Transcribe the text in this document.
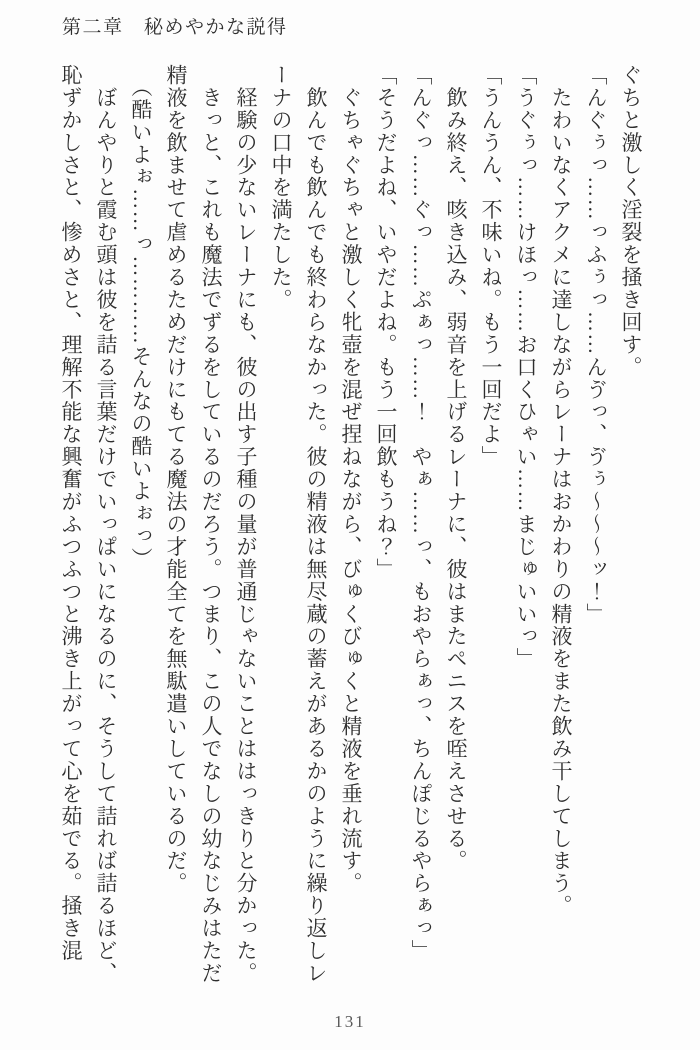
第二章　秘めやかな説得

ぐちと激しく淫裂を掻き回す。

「んぐぅっ……っふぅっ……んゔっ、ゔぅ～～～ッ！」

　たわいなくアクメに達しながらレーナはおかわりの精液をまた飲み干してしまう。

「うぐぅっ……けほっ……お口くひゃい……まじゅいいっ」

「うんうん、不味いね。もう一回だよ」

　飲み終え、咳き込み、弱音を上げるレーナに、彼はまたペニスを咥えさせる。

「んぐっ……ぐっ……ぷぁっ……！　やぁ……っ、もおやらぁっ、ちんぽじるやらぁっ」

「そうだよね、いやだよね。もう一回飲もうね？」

　ぐちゃぐちゃと激しく牝壺を混ぜ捏ねながら、びゅくびゅくと精液を垂れ流す。

　飲んでも飲んでも終わらなかった。彼の精液は無尽蔵の蓄えがあるかのように繰り返しレーナの口中を満たした。

　経験の少ないレーナにも、彼の出す子種の量が普通じゃないことははっきりと分かった。

　きっと、これも魔法でずるをしているのだろう。つまり、この人でなしの幼なじみはただ精液を飲ませて虐めるためだけにもてる魔法の才能全てを無駄遣いしているのだ。

　（酷いよぉ……っ…………そんなの酷いよぉっ）

　ぼんやりと霞む頭は彼を詰る言葉だけでいっぱいになるのに、そうして詰れば詰るほど、恥ずかしさと、惨めさと、理解不能な興奮がふつふつと沸き上がって心を茹でる。掻き混

131
